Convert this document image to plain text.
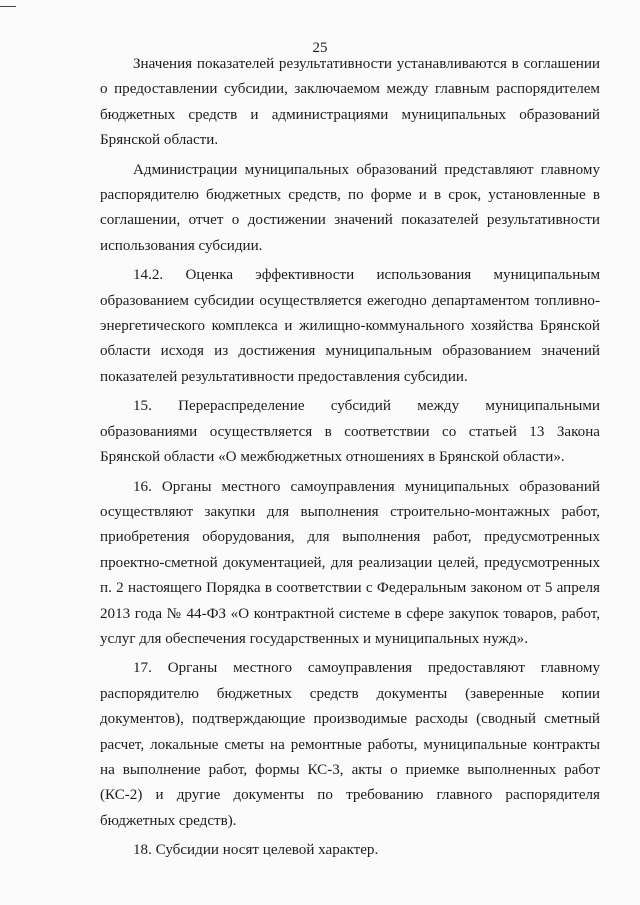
25

Значения показателей результативности устанавливаются в соглашении о предоставлении субсидии, заключаемом между главным распорядителем бюджетных средств и администрациями муниципальных образований Брянской области.

Администрации муниципальных образований представляют главному распорядителю бюджетных средств, по форме и в срок, установленные в соглашении, отчет о достижении значений показателей результативности использования субсидии.

14.2. Оценка эффективности использования муниципальным образованием субсидии осуществляется ежегодно департаментом топливно-энергетического комплекса и жилищно-коммунального хозяйства Брянской области исходя из достижения муниципальным образованием значений показателей результативности предоставления субсидии.

15. Перераспределение субсидий между муниципальными образованиями осуществляется в соответствии со статьей 13 Закона Брянской области «О межбюджетных отношениях в Брянской области».

16. Органы местного самоуправления муниципальных образований осуществляют закупки для выполнения строительно-монтажных работ, приобретения оборудования, для выполнения работ, предусмотренных проектно-сметной документацией, для реализации целей, предусмотренных п. 2 настоящего Порядка в соответствии с Федеральным законом от 5 апреля 2013 года № 44-ФЗ «О контрактной системе в сфере закупок товаров, работ, услуг для обеспечения государственных и муниципальных нужд».

17. Органы местного самоуправления предоставляют главному распорядителю бюджетных средств документы (заверенные копии документов), подтверждающие производимые расходы (сводный сметный расчет, локальные сметы на ремонтные работы, муниципальные контракты на выполнение работ, формы КС-3, акты о приемке выполненных работ (КС-2) и другие документы по требованию главного распорядителя бюджетных средств).

18. Субсидии носят целевой характер.
